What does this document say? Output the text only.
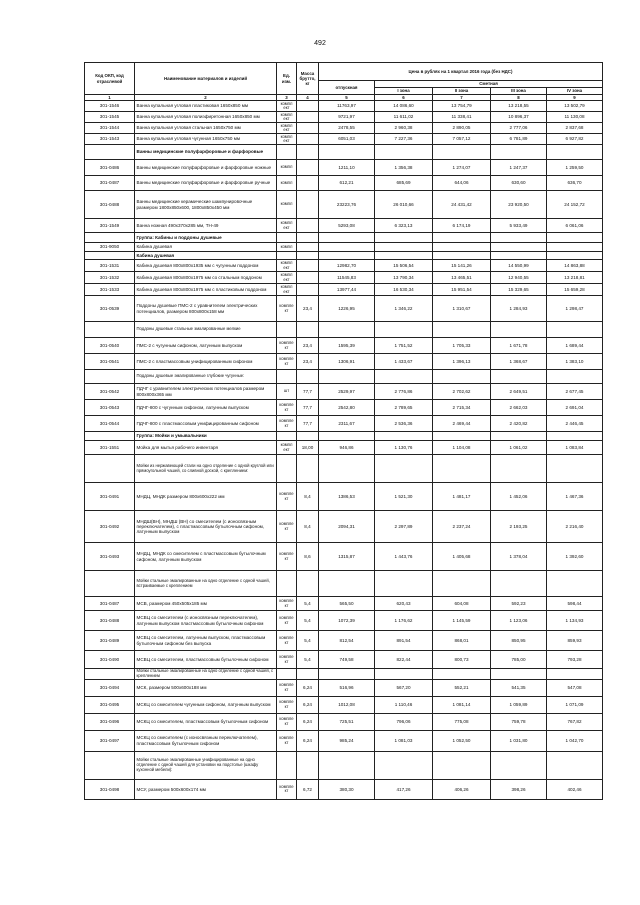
492
Код ОКП, код отраслевой	Наименование материалов и изделий	Ед. изм.	Масса брутто, кг	Цена в рублях на 1 квартал 2016 года (без НДС)				
				отпускная	Сметная			
					I зона	II зона	III зона	IV зона
1	2	3	4	5	6	7	8	9
301-1546	Ванна купальная угловая пластиковая 1650х850 мм	компл ект		11763,97	14 086,60	13 754,79	13 218,55	13 502,79
301-1545	Ванна купальная угловая полиэфиретонная 1650х850 мм	компл ект		9721,97	11 611,02	11 338,41	10 896,37	11 130,08
301-1544	Ванна купальная угловая стальная 1650х750 мм	компл ект		2478,55	2 960,38	2 890,05	2 777,06	2 837,68
301-1543	Ванна купальная угловая чугунная 1650х750 мм	компл ект		6051,03	7 227,36	7 057,12	6 781,89	6 927,82
	Ванны медицинские полуфарфоровые и фарфоровые							
301-0486	Ванны медицинские полуфарфоровые и фарфоровые ножные	компл		1211,10	1 356,38	1 274,07	1 247,37	1 259,50
301-0487	Ванны медицинские полуфарфоровые и фарфоровые ручные	компл		612,21	685,69	644,06	630,60	636,70
301-0488	Ванны медицинские керамические шампунировочные размером 1800х850х600, 1800х850х450 мм	компл		23223,76	26 010,66	24 431,42	23 920,50	24 152,72
301-1549	Ванна ножная 490х370х285 мм, ТН-49	компл ект		5293,08	6 323,13	6 174,19	5 933,49	6 061,06
	Группа: Кабины и поддоны душевые							
301-9050	Кабина душевая	компл						
	Кабина душевая							
301-1531	Кабина душевая 800х800х1935 мм с чугунным поддоном	компл ект		12982,70	15 506,54	15 141,26	14 550,99	14 863,88
301-1532	Кабина душевая 800х800х1975 мм со стальным поддоном	компл ект		11545,83	13 790,34	13 465,51	12 940,55	13 218,81
301-1533	Кабина душевая 800х800х1975 мм с пластиковым поддоном	компл ект		13977,44	16 530,34	15 951,54	15 329,65	15 659,28
301-0539	Поддоны душевые ПМС-2 с уравнителем электрических потенциалов, размером 800х800х158 мм	компле кт	23,4	1226,95	1 346,22	1 310,67	1 284,93	1 298,47
	Поддоны душевые стальные эмалированные мелкие							
301-0540	ПМС-2 с чугунным сифоном, латунным выпуском	компле кт	23,4	1595,39	1 751,52	1 705,33	1 671,78	1 689,44
301-0541	ПМС-2 с пластмассовым унифицированным сифоном	компле кт	23,4	1306,91	1 433,67	1 396,13	1 368,67	1 383,10
	Поддоны душевые эмалированные глубокие чугунные:							
301-0542	ПДЧГ с уравнителем электрических потенциалов размером 800х800х365 мм	шт	77,7	2529,97	2 776,86	2 702,62	2 649,51	2 677,45
301-0543	ПДЧГ-800 с чугунным сифоном, латунным выпуском	компле кт	77,7	2542,80	2 789,65	2 715,34	2 662,03	2 691,04
301-0544	ПДЧГ-800 с пластмассовым унифицированным сифоном	компле кт	77,7	2311,67	2 536,36	2 469,44	2 420,82	2 446,45
	Группа: Мойки и умывальники							
301-1551	Мойка для мытья рабочего инвентаря	компл ект	18,00	946,86	1 130,76	1 104,08	1 061,02	1 083,84
	Мойки из нержавеющей стали на одно отделение с одной круглой или прямоугольной чашей, со сливной доской, с креплением:							
301-0491	МНДЦ, МНДК размером 800х600х222 мм	компле кт	8,4	1386,53	1 521,30	1 481,17	1 452,06	1 467,36
301-0492	МНДШ(ВН), МНДШ (ВН) со смесителем (с ионосвязным переключателем), с пластмассовым бутылочным сифоном, латунным выпуском	компле кт	8,4	2094,31	2 297,89	2 237,24	2 193,25	2 216,40
301-0493	МНДЦ, МНДК со смесителем с пластмассовым бутылочным сифоном, латунным выпуском	компле кт	8,6	1315,87	1 443,76	1 405,68	1 378,04	1 392,60
	Мойки стальные эмалированные на одно отделение с одной чашей, встраиваемые с креплением							
301-0487	МСВ, размером 450х505х185 мм	компле кт	5,4	565,50	620,43	604,08	592,23	598,44
301-0488	МСВЦ со смесителем (с ионосвязным переключателем), латунным выпуском пластмассовым бутылочным сифоном	компле кт	5,4	1072,39	1 176,62	1 145,59	1 123,06	1 134,93
301-0489	МСВЦ со смесителем, латунным выпуском, пластмассовым бутылочным сифоном без выпуска	компле кт	5,4	812,54	891,54	868,01	850,95	859,93
301-0490	МСВЦ со смесителем, пластмассовым бутылочным сифоном	компле кт	5,4	749,58	822,44	800,73	785,00	793,28
	Мойки стальные эмалированные на одно отделение с одной чашей, с креплением							
301-0494	МСК, размером 500х600х188 мм	компле кт	6,24	516,96	567,20	552,21	541,35	547,08
301-0495	МСКЦ со смесителем чугунным сифоном, латунным выпуском	компле кт	6,24	1012,08	1 110,46	1 081,14	1 059,89	1 071,09
301-0496	МСКЦ со смесителем, пластмассовым бутылочным сифоном	компле кт	6,24	725,51	796,06	775,08	759,78	767,82
301-0497	МСКЦ со смесителем (с ионосвязным переключателем), пластмассовым бутылочным сифоном	компле кт	6,24	985,24	1 081,03	1 052,50	1 031,80	1 042,70
	Мойки стальные эмалированные унифицированные на одно отделение с одной чашей для установки на подстолье (шкафу кухонной мебели):							
301-0498	МСУ, размером 500х600х174 мм	компле кт	6,72	380,30	417,26	406,26	398,26	402,46
